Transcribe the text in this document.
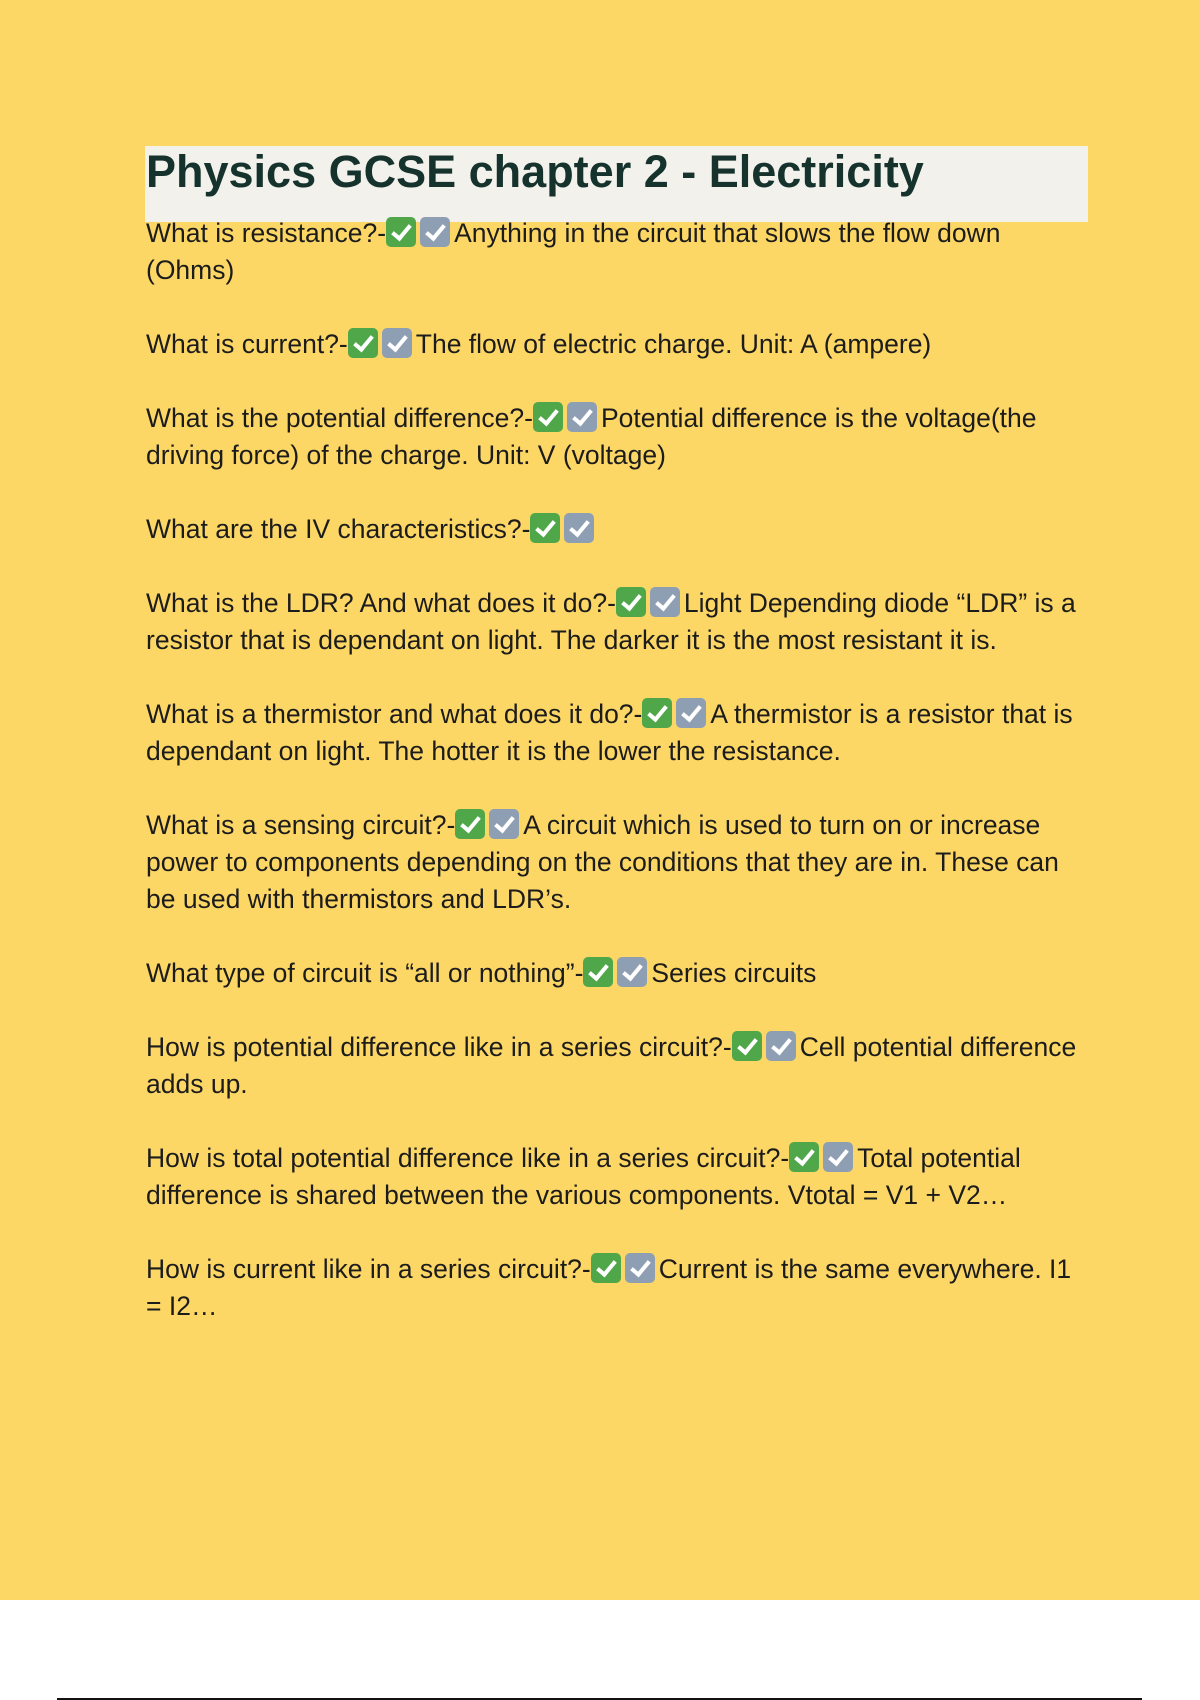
Physics GCSE chapter 2 - Electricity

What is resistance?-	Anything in the circuit that slows the flow down (Ohms)

What is current?-	The flow of electric charge. Unit: A (ampere)

What is the potential difference?-	Potential difference is the voltage(the driving force) of the charge. Unit: V (voltage)

What are the IV characteristics?-

What is the LDR? And what does it do?-	Light Depending diode “LDR” is a resistor that is dependant on light. The darker it is the most resistant it is.

What is a thermistor and what does it do?-	A thermistor is a resistor that is dependant on light. The hotter it is the lower the resistance.

What is a sensing circuit?-	A circuit which is used to turn on or increase power to components depending on the conditions that they are in. These can be used with thermistors and LDR’s.

What type of circuit is “all or nothing”-	Series circuits

How is potential difference like in a series circuit?-	Cell potential difference adds up.

How is total potential difference like in a series circuit?-	Total potential difference is shared between the various components. Vtotal = V1 + V2…

How is current like in a series circuit?-	Current is the same everywhere. I1 = I2…
